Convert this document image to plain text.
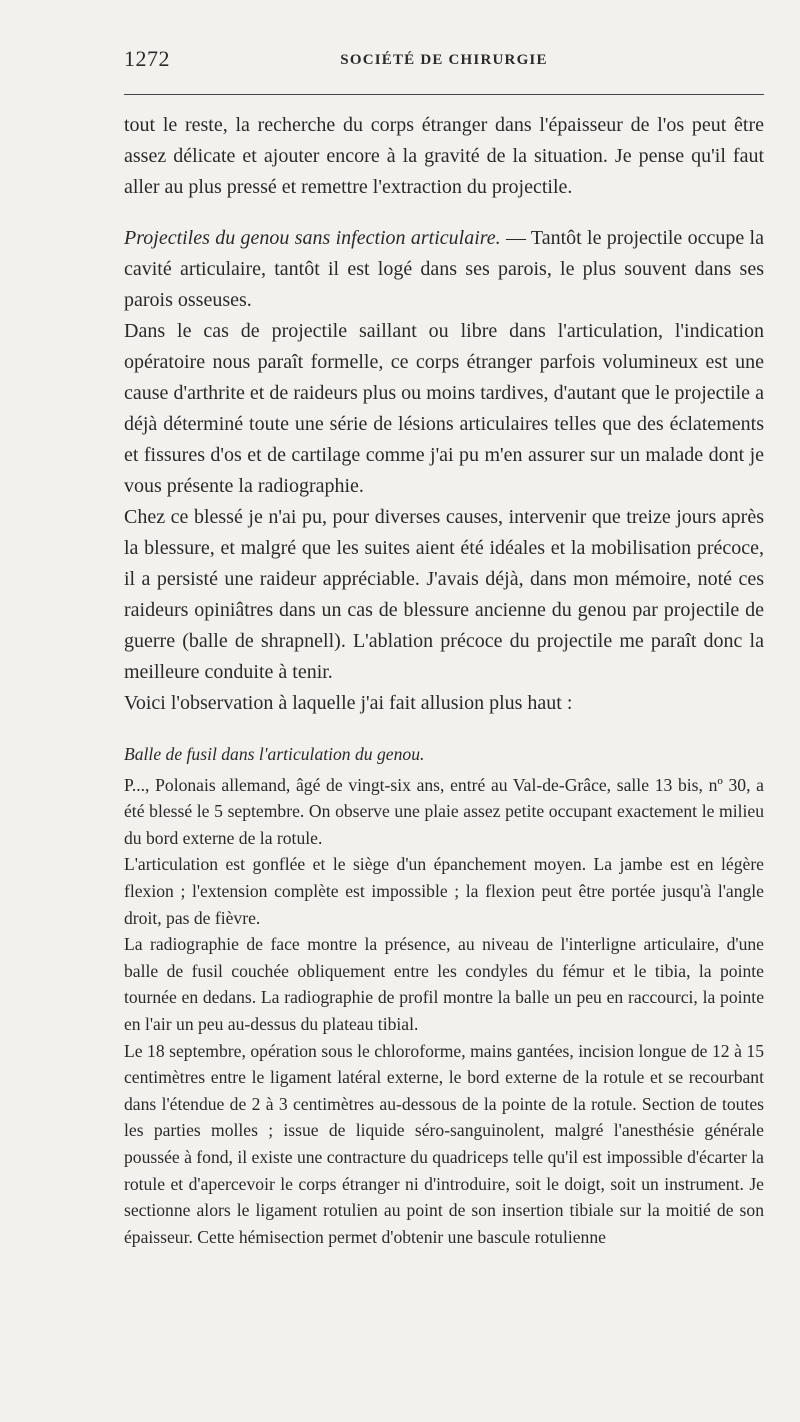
1272	SOCIÉTÉ DE CHIRURGIE

tout le reste, la recherche du corps étranger dans l'épaisseur de l'os peut être assez délicate et ajouter encore à la gravité de la situation. Je pense qu'il faut aller au plus pressé et remettre l'extraction du projectile.

Projectiles du genou sans infection articulaire. — Tantôt le projectile occupe la cavité articulaire, tantôt il est logé dans ses parois, le plus souvent dans ses parois osseuses.

Dans le cas de projectile saillant ou libre dans l'articulation, l'indication opératoire nous paraît formelle, ce corps étranger parfois volumineux est une cause d'arthrite et de raideurs plus ou moins tardives, d'autant que le projectile a déjà déterminé toute une série de lésions articulaires telles que des éclatements et fissures d'os et de cartilage comme j'ai pu m'en assurer sur un malade dont je vous présente la radiographie.

Chez ce blessé je n'ai pu, pour diverses causes, intervenir que treize jours après la blessure, et malgré que les suites aient été idéales et la mobilisation précoce, il a persisté une raideur appréciable. J'avais déjà, dans mon mémoire, noté ces raideurs opiniâtres dans un cas de blessure ancienne du genou par projectile de guerre (balle de shrapnell). L'ablation précoce du projectile me paraît donc la meilleure conduite à tenir.

Voici l'observation à laquelle j'ai fait allusion plus haut :

Balle de fusil dans l'articulation du genou.

P..., Polonais allemand, âgé de vingt-six ans, entré au Val-de-Grâce, salle 13 bis, nº 30, a été blessé le 5 septembre. On observe une plaie assez petite occupant exactement le milieu du bord externe de la rotule.

L'articulation est gonflée et le siège d'un épanchement moyen. La jambe est en légère flexion ; l'extension complète est impossible ; la flexion peut être portée jusqu'à l'angle droit, pas de fièvre.

La radiographie de face montre la présence, au niveau de l'interligne articulaire, d'une balle de fusil couchée obliquement entre les condyles du fémur et le tibia, la pointe tournée en dedans. La radiographie de profil montre la balle un peu en raccourci, la pointe en l'air un peu au-dessus du plateau tibial.

Le 18 septembre, opération sous le chloroforme, mains gantées, incision longue de 12 à 15 centimètres entre le ligament latéral externe, le bord externe de la rotule et se recourbant dans l'étendue de 2 à 3 centimètres au-dessous de la pointe de la rotule. Section de toutes les parties molles ; issue de liquide séro-sanguinolent, malgré l'anesthésie générale poussée à fond, il existe une contracture du quadriceps telle qu'il est impossible d'écarter la rotule et d'apercevoir le corps étranger ni d'introduire, soit le doigt, soit un instrument. Je sectionne alors le ligament rotulien au point de son insertion tibiale sur la moitié de son épaisseur. Cette hémisection permet d'obtenir une bascule rotulienne
